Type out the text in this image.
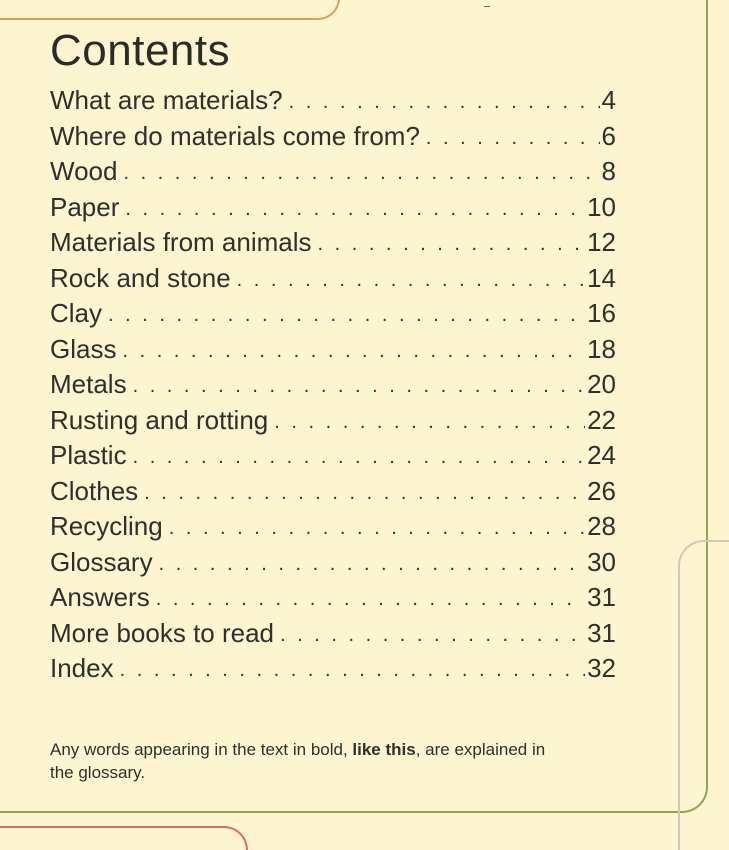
Contents
What are materials? . . .	4
Where do materials come from? . . .	6
Wood . . .	8
Paper . . .	10
Materials from animals . . .	12
Rock and stone . . .	14
Clay . . .	16
Glass . . .	18
Metals . . .	20
Rusting and rotting . . .	22
Plastic . . .	24
Clothes . . .	26
Recycling . . .	28
Glossary . . .	30
Answers . . .	31
More books to read . . .	31
Index . . .	32

Any words appearing in the text in bold, like this, are explained in the glossary.
